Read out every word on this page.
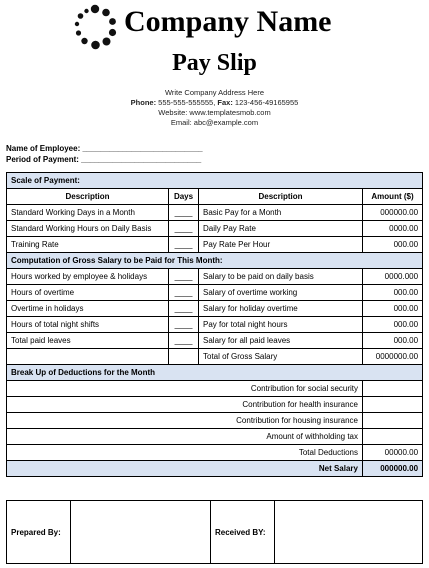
Company Name
Pay Slip
Write Company Address Here
Phone: 555-555-555555, Fax: 123-456-49165955
Website: www.templatesmob.com
Email: abc@example.com
Name of Employee: ___________________________
Period of Payment: ___________________________
Scale of Payment:			
Description	Days	Description	Amount ($)
Standard Working Days in a Month	____	Basic Pay for a Month	000000.00
Standard Working Hours on Daily Basis	____	Daily Pay Rate	0000.00
Training Rate	____	Pay Rate Per Hour	000.00
Computation of Gross Salary to be Paid for This Month:			
Hours worked by employee & holidays	____	Salary to be paid on daily basis	0000.000
Hours of overtime	____	Salary of overtime working	000.00
Overtime in holidays	____	Salary for holiday overtime	000.00
Hours of total night shifts	____	Pay for total night hours	000.00
Total paid leaves	____	Salary for all paid leaves	000.00
		Total of Gross Salary	0000000.00
Break Up of Deductions for the Month			
Contribution for social security			
Contribution for health insurance			
Contribution for housing insurance			
Amount of withholding tax			
Total Deductions			00000.00
Net Salary			000000.00
Prepared By:		Received BY:	
